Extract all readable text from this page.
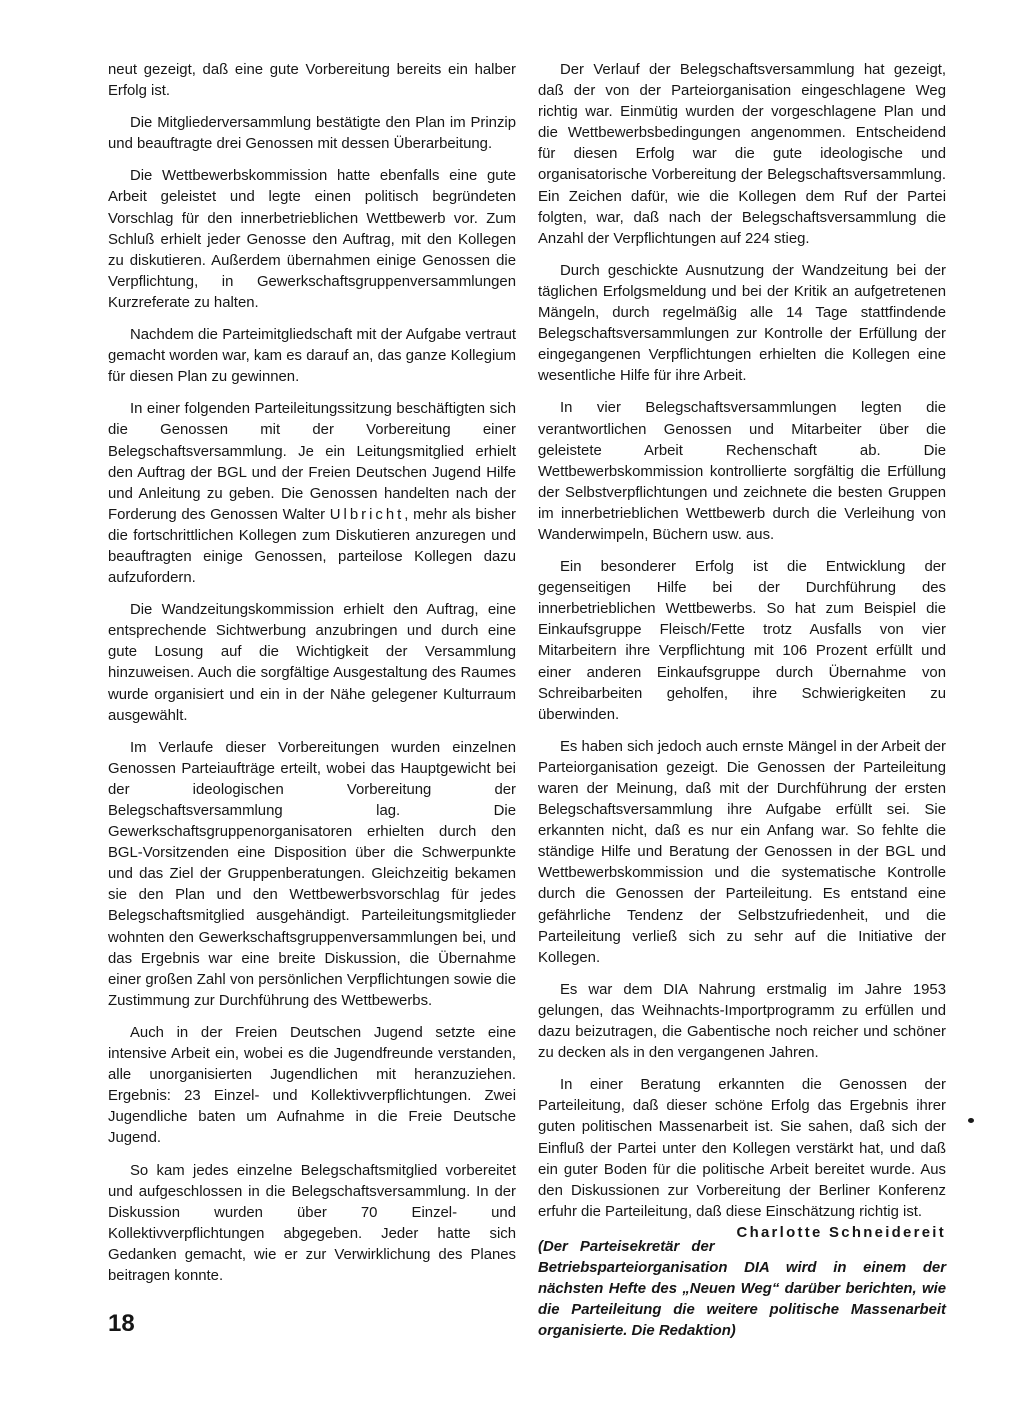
neut gezeigt, daß eine gute Vorbereitung bereits ein halber Erfolg ist.

Die Mitgliederversammlung bestätigte den Plan im Prinzip und beauftragte drei Genossen mit dessen Überarbeitung.

Die Wettbewerbskommission hatte ebenfalls eine gute Arbeit geleistet und legte einen politisch begründeten Vorschlag für den innerbetrieblichen Wettbewerb vor. Zum Schluß erhielt jeder Genosse den Auftrag, mit den Kollegen zu diskutieren. Außerdem übernahmen einige Genossen die Verpflichtung, in Gewerkschaftsgruppenversammlungen Kurzreferate zu halten.

Nachdem die Parteimitgliedschaft mit der Aufgabe vertraut gemacht worden war, kam es darauf an, das ganze Kollegium für diesen Plan zu gewinnen.

In einer folgenden Parteileitungssitzung beschäftigten sich die Genossen mit der Vorbereitung einer Belegschaftsversammlung. Je ein Leitungsmitglied erhielt den Auftrag der BGL und der Freien Deutschen Jugend Hilfe und Anleitung zu geben. Die Genossen handelten nach der Forderung des Genossen Walter Ulbricht, mehr als bisher die fortschrittlichen Kollegen zum Diskutieren anzuregen und beauftragten einige Genossen, parteilose Kollegen dazu aufzufordern.

Die Wandzeitungskommission erhielt den Auftrag, eine entsprechende Sichtwerbung anzubringen und durch eine gute Losung auf die Wichtigkeit der Versammlung hinzuweisen. Auch die sorgfältige Ausgestaltung des Raumes wurde organisiert und ein in der Nähe gelegener Kulturraum ausgewählt.

Im Verlaufe dieser Vorbereitungen wurden einzelnen Genossen Parteiaufträge erteilt, wobei das Hauptgewicht bei der ideologischen Vorbereitung der Belegschaftsversammlung lag. Die Gewerkschaftsgruppenorganisatoren erhielten durch den BGL-Vorsitzenden eine Disposition über die Schwerpunkte und das Ziel der Gruppenberatungen. Gleichzeitig bekamen sie den Plan und den Wettbewerbsvorschlag für jedes Belegschaftsmitglied ausgehändigt. Parteileitungsmitglieder wohnten den Gewerkschaftsgruppenversammlungen bei, und das Ergebnis war eine breite Diskussion, die Übernahme einer großen Zahl von persönlichen Verpflichtungen sowie die Zustimmung zur Durchführung des Wettbewerbs.

Auch in der Freien Deutschen Jugend setzte eine intensive Arbeit ein, wobei es die Jugendfreunde verstanden, alle unorganisierten Jugendlichen mit heranzuziehen. Ergebnis: 23 Einzel- und Kollektivverpflichtungen. Zwei Jugendliche baten um Aufnahme in die Freie Deutsche Jugend.

So kam jedes einzelne Belegschaftsmitglied vorbereitet und aufgeschlossen in die Belegschaftsversammlung. In der Diskussion wurden über 70 Einzel- und Kollektivverpflichtungen abgegeben. Jeder hatte sich Gedanken gemacht, wie er zur Verwirklichung des Planes beitragen konnte.

Der Verlauf der Belegschaftsversammlung hat gezeigt, daß der von der Parteiorganisation eingeschlagene Weg richtig war. Einmütig wurden der vorgeschlagene Plan und die Wettbewerbsbedingungen angenommen. Entscheidend für diesen Erfolg war die gute ideologische und organisatorische Vorbereitung der Belegschaftsversammlung. Ein Zeichen dafür, wie die Kollegen dem Ruf der Partei folgten, war, daß nach der Belegschaftsversammlung die Anzahl der Verpflichtungen auf 224 stieg.

Durch geschickte Ausnutzung der Wandzeitung bei der täglichen Erfolgsmeldung und bei der Kritik an aufgetretenen Mängeln, durch regelmäßig alle 14 Tage stattfindende Belegschaftsversammlungen zur Kontrolle der Erfüllung der eingegangenen Verpflichtungen erhielten die Kollegen eine wesentliche Hilfe für ihre Arbeit.

In vier Belegschaftsversammlungen legten die verantwortlichen Genossen und Mitarbeiter über die geleistete Arbeit Rechenschaft ab. Die Wettbewerbskommission kontrollierte sorgfältig die Erfüllung der Selbstverpflichtungen und zeichnete die besten Gruppen im innerbetrieblichen Wettbewerb durch die Verleihung von Wanderwimpeln, Büchern usw. aus.

Ein besonderer Erfolg ist die Entwicklung der gegenseitigen Hilfe bei der Durchführung des innerbetrieblichen Wettbewerbs. So hat zum Beispiel die Einkaufsgruppe Fleisch/Fette trotz Ausfalls von vier Mitarbeitern ihre Verpflichtung mit 106 Prozent erfüllt und einer anderen Einkaufsgruppe durch Übernahme von Schreibarbeiten geholfen, ihre Schwierigkeiten zu überwinden.

Es haben sich jedoch auch ernste Mängel in der Arbeit der Parteiorganisation gezeigt. Die Genossen der Parteileitung waren der Meinung, daß mit der Durchführung der ersten Belegschaftsversammlung ihre Aufgabe erfüllt sei. Sie erkannten nicht, daß es nur ein Anfang war. So fehlte die ständige Hilfe und Beratung der Genossen in der BGL und Wettbewerbskommission und die systematische Kontrolle durch die Genossen der Parteileitung. Es entstand eine gefährliche Tendenz der Selbstzufriedenheit, und die Parteileitung verließ sich zu sehr auf die Initiative der Kollegen.

Es war dem DIA Nahrung erstmalig im Jahre 1953 gelungen, das Weihnachts-Importprogramm zu erfüllen und dazu beizutragen, die Gabentische noch reicher und schöner zu decken als in den vergangenen Jahren.

In einer Beratung erkannten die Genossen der Parteileitung, daß dieser schöne Erfolg das Ergebnis ihrer guten politischen Massenarbeit ist. Sie sahen, daß sich der Einfluß der Partei unter den Kollegen verstärkt hat, und daß ein guter Boden für die politische Arbeit bereitet wurde. Aus den Diskussionen zur Vorbereitung der Berliner Konferenz erfuhr die Parteileitung, daß diese Einschätzung richtig ist.
Charlotte Schneidereit

(Der Parteisekretär der Betriebsparteiorganisation DIA wird in einem der nächsten Hefte des „Neuen Weg“ darüber berichten, wie die Parteileitung die weitere politische Massenarbeit organisierte. Die Redaktion)

18
